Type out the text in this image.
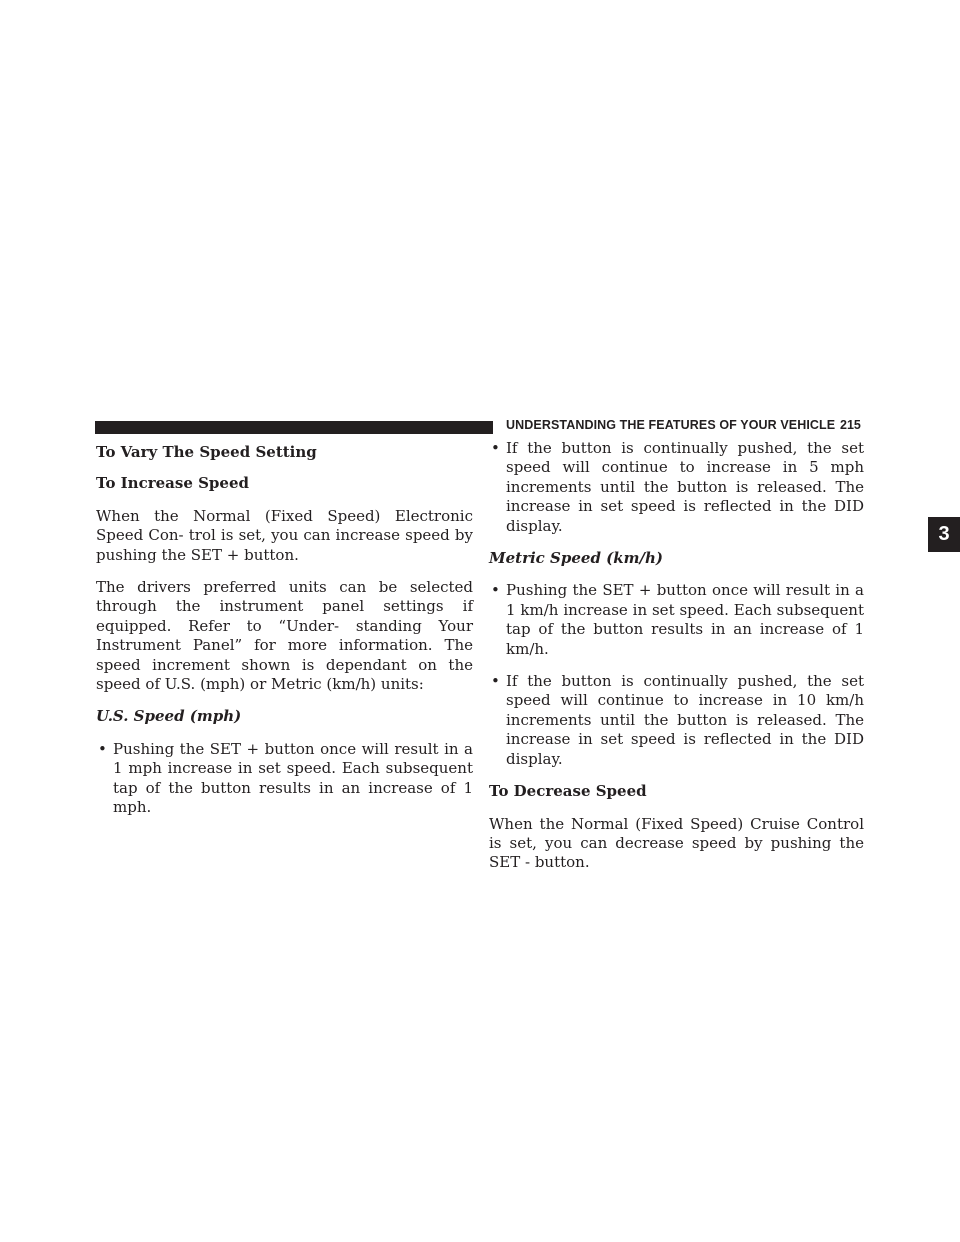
UNDERSTANDING THE FEATURES OF YOUR VEHICLE 215
3
To Vary The Speed Setting
To Increase Speed
When the Normal (Fixed Speed) Electronic Speed Con- trol is set, you can increase speed by pushing the SET + button.
The drivers preferred units can be selected through the instrument panel settings if equipped. Refer to “Under- standing Your Instrument Panel” for more information. The speed increment shown is dependant on the speed of U.S. (mph) or Metric (km/h) units:
U.S. Speed (mph)
• Pushing the SET + button once will result in a 1 mph increase in set speed. Each subsequent tap of the button results in an increase of 1 mph.
• If the button is continually pushed, the set speed will continue to increase in 5 mph increments until the button is released. The increase in set speed is reflected in the DID display.
Metric Speed (km/h)
• Pushing the SET + button once will result in a 1 km/h increase in set speed. Each subsequent tap of the button results in an increase of 1 km/h.
• If the button is continually pushed, the set speed will continue to increase in 10 km/h increments until the button is released. The increase in set speed is reflected in the DID display.
To Decrease Speed
When the Normal (Fixed Speed) Cruise Control is set, you can decrease speed by pushing the SET - button.
